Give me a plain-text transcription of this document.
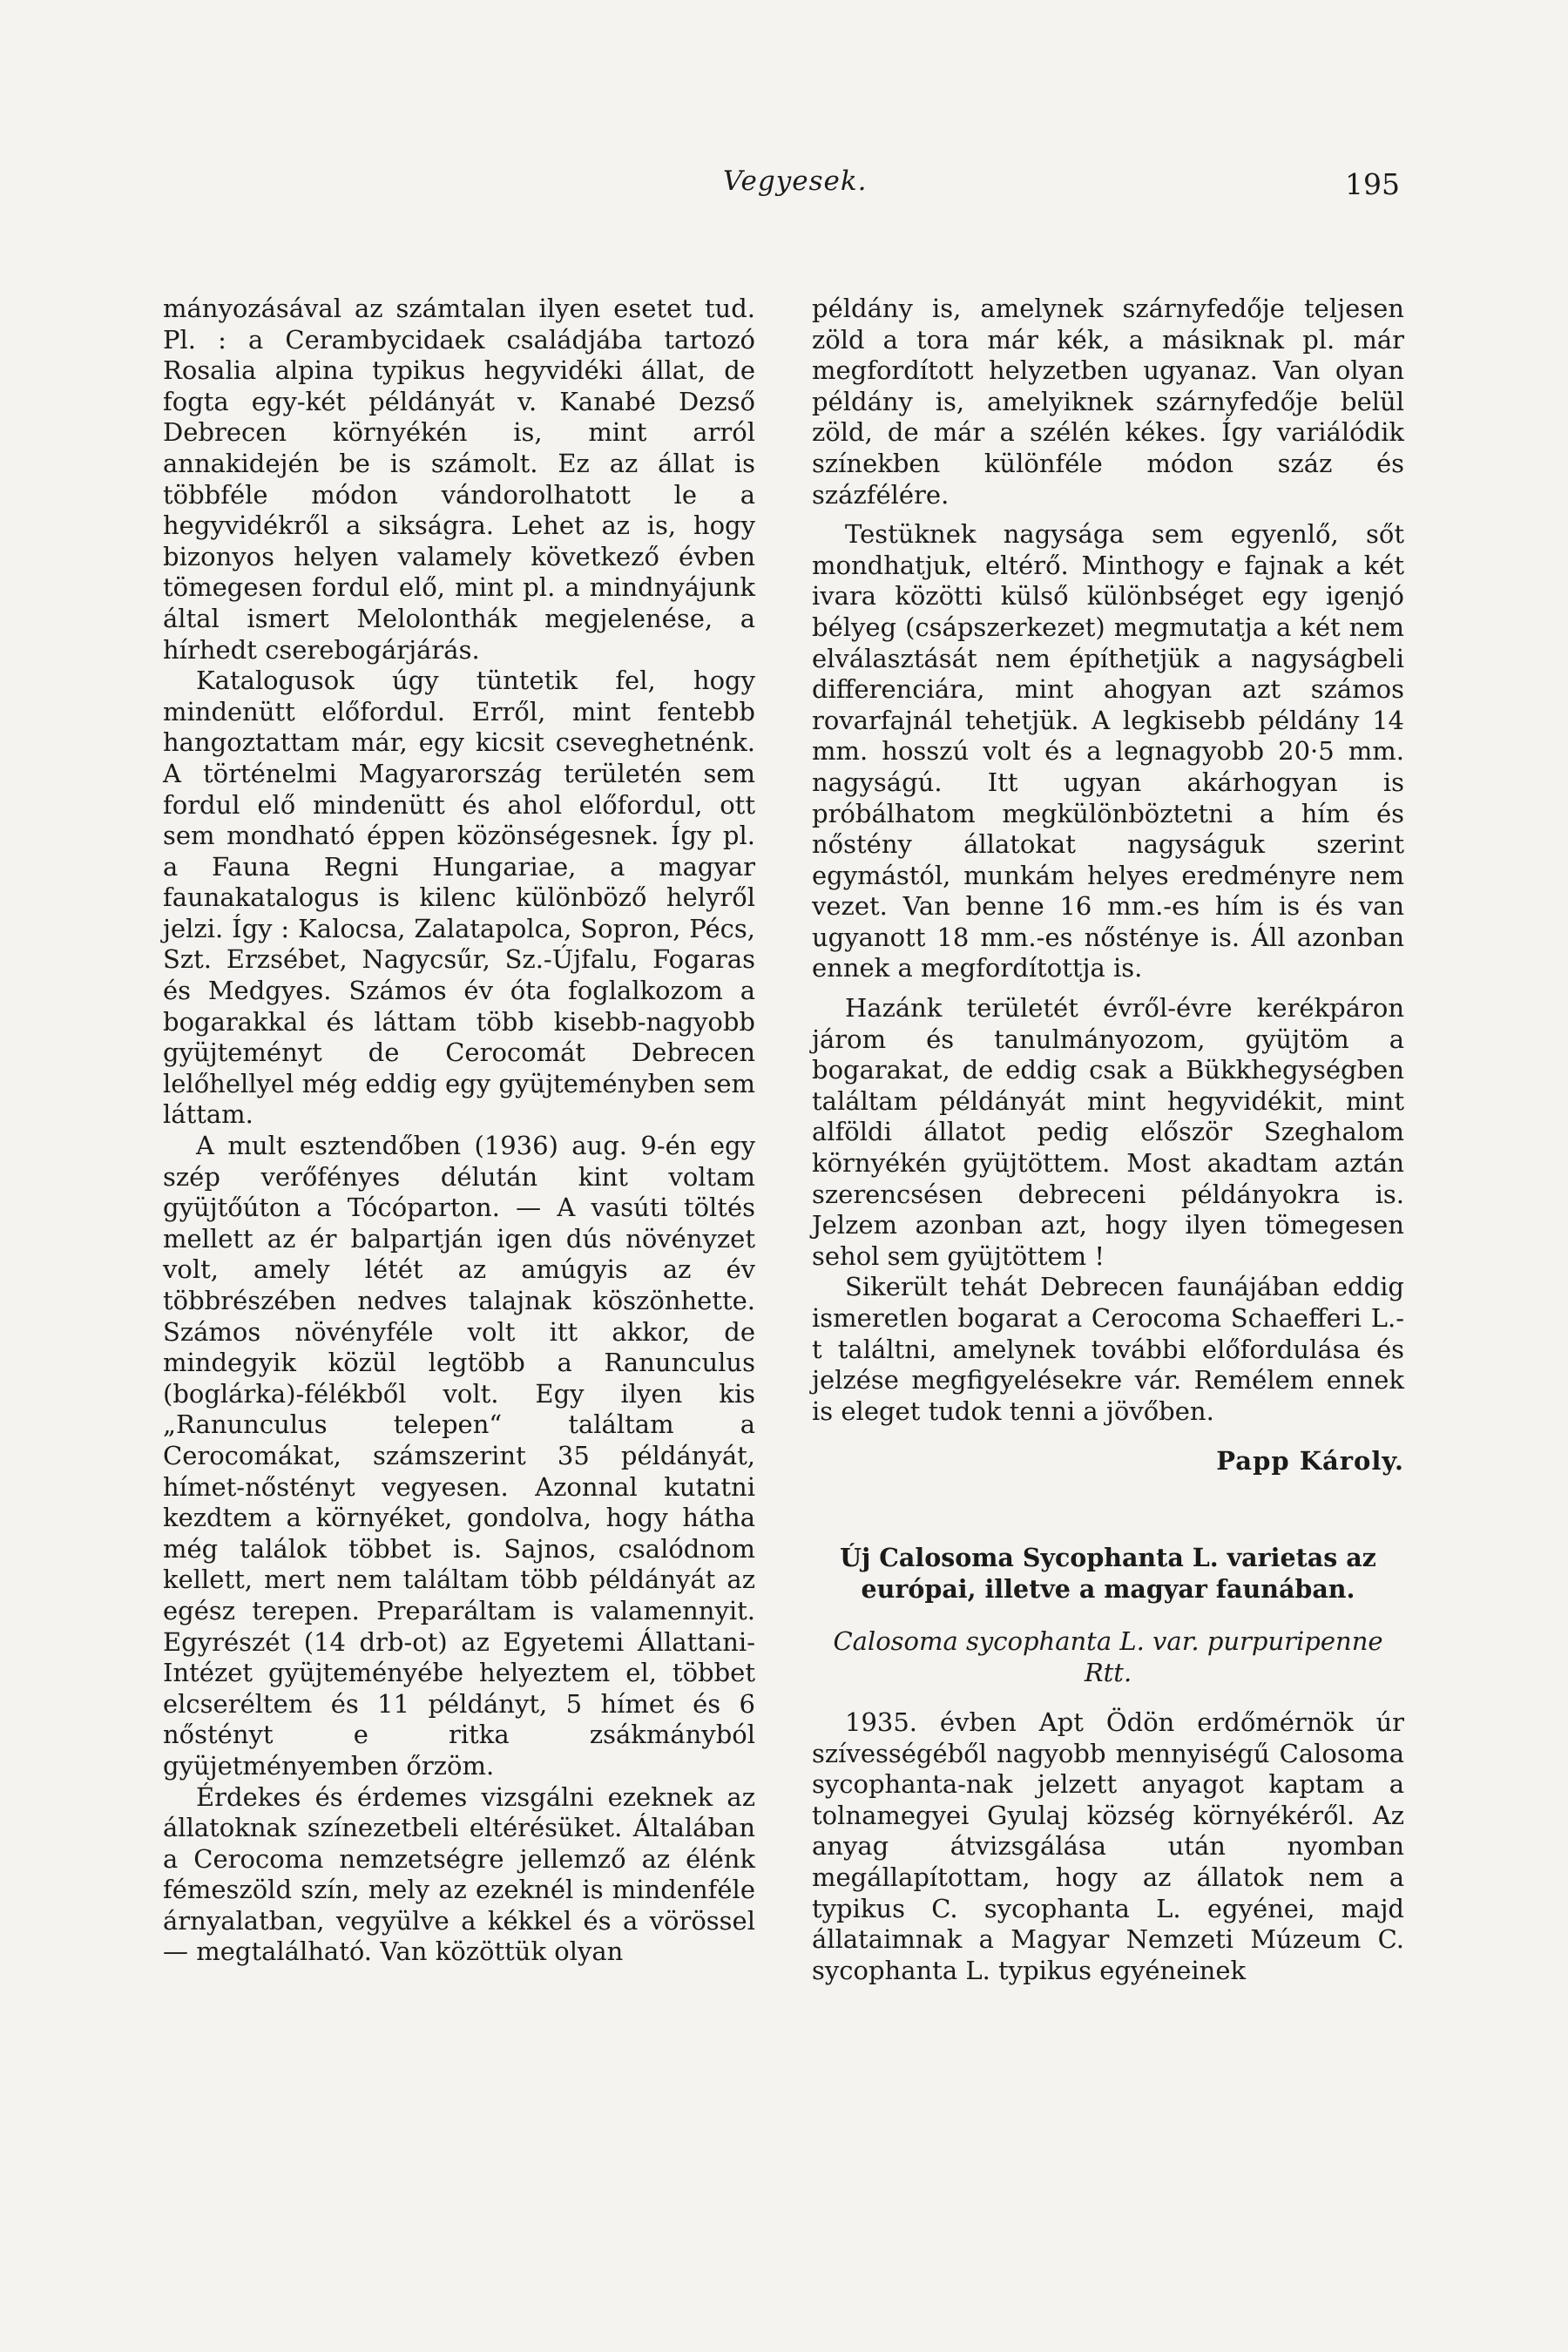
Vegyesek.	195

mányozásával az számtalan ilyen esetet tud. Pl. : a Cerambycidaek családjába tartozó Rosalia alpina typikus hegyvidéki állat, de fogta egy-két példányát v. Kanabé Dezső Debrecen környékén is, mint arról annakidején be is számolt. Ez az állat is többféle módon vándorolhatott le a hegyvidékről a sikságra. Lehet az is, hogy bizonyos helyen valamely következő évben tömegesen fordul elő, mint pl. a mindnyájunk által ismert Melolonthák megjelenése, a hírhedt cserebogárjárás.

Katalogusok úgy tüntetik fel, hogy mindenütt előfordul. Erről, mint fentebb hangoztattam már, egy kicsit cseveghetnénk. A történelmi Magyarország területén sem fordul elő mindenütt és ahol előfordul, ott sem mondható éppen közönségesnek. Így pl. a Fauna Regni Hungariae, a magyar faunakatalogus is kilenc különböző helyről jelzi. Így : Kalocsa, Zalatapolca, Sopron, Pécs, Szt. Erzsébet, Nagycsűr, Sz.-Újfalu, Fogaras és Medgyes. Számos év óta foglalkozom a bogarakkal és láttam több kisebb-nagyobb gyüjteményt de Cerocomát Debrecen lelőhellyel még eddig egy gyüjteményben sem láttam.

A mult esztendőben (1936) aug. 9-én egy szép verőfényes délután kint voltam gyüjtőúton a Tócóparton. — A vasúti töltés mellett az ér balpartján igen dús növényzet volt, amely létét az amúgyis az év többrészében nedves talajnak köszönhette. Számos növényféle volt itt akkor, de mindegyik közül legtöbb a Ranunculus (boglárka)-félékből volt. Egy ilyen kis „Ranunculus telepen“ találtam a Cerocomákat, számszerint 35 példányát, hímet-nőstényt vegyesen. Azonnal kutatni kezdtem a környéket, gondolva, hogy hátha még találok többet is. Sajnos, csalódnom kellett, mert nem találtam több példányát az egész terepen. Preparáltam is valamennyit. Egyrészét (14 drb-ot) az Egyetemi Állattani-Intézet gyüjteményébe helyeztem el, többet elcseréltem és 11 példányt, 5 hímet és 6 nőstényt e ritka zsákmányból gyüjetményemben őrzöm.

Érdekes és érdemes vizsgálni ezeknek az állatoknak színezetbeli eltérésüket. Általában a Cerocoma nemzetségre jellemző az élénk fémeszöld szín, mely az ezeknél is mindenféle árnyalatban, vegyülve a kékkel és a vörössel — megtalálható. Van közöttük olyan

példány is, amelynek szárnyfedője teljesen zöld a tora már kék, a másiknak pl. már megfordított helyzetben ugyanaz. Van olyan példány is, amelyiknek szárnyfedője belül zöld, de már a szélén kékes. Így variálódik színekben különféle módon száz és százfélére.

Testüknek nagysága sem egyenlő, sőt mondhatjuk, eltérő. Minthogy e fajnak a két ivara közötti külső különbséget egy igenjó bélyeg (csápszerkezet) megmutatja a két nem elválasztását nem építhetjük a nagyságbeli differenciára, mint ahogyan azt számos rovarfajnál tehetjük. A legkisebb példány 14 mm. hosszú volt és a legnagyobb 20·5 mm. nagyságú. Itt ugyan akárhogyan is próbálhatom megkülönböztetni a hím és nőstény állatokat nagyságuk szerint egymástól, munkám helyes eredményre nem vezet. Van benne 16 mm.-es hím is és van ugyanott 18 mm.-es nőstényе is. Áll azonban ennek a megfordítottja is.

Hazánk területét évről-évre kerékpáron járom és tanulmányozom, gyüjtöm a bogarakat, de eddig csak a Bükkhegységben találtam példányát mint hegyvidékit, mint alföldi állatot pedig először Szeghalom környékén gyüjtöttem. Most akadtam aztán szerencsésen debreceni példányokra is. Jelzem azonban azt, hogy ilyen tömegesen sehol sem gyüjtöttem !

Sikerült tehát Debrecen faunájában eddig ismeretlen bogarat a Cerocoma Schaefferi L.-t találtni, amelynek további előfordulása és jelzése megfigyelésekre vár. Remélem ennek is eleget tudok tenni a jövőben.

Papp Károly.

Új Calosoma Sycophanta L. varietas az európai, illetve a magyar faunában.

Calosoma sycophanta L. var. purpuripenne Rtt.

1935. évben Apt Ödön erdőmérnök úr szívességéből nagyobb mennyiségű Calosoma sycophanta-nak jelzett anyagot kaptam a tolnamegyei Gyulaj község környékéről. Az anyag átvizsgálása után nyomban megállapítottam, hogy az állatok nem a typikus C. sycophanta L. egyénei, majd állataimnak a Magyar Nemzeti Múzeum C. sycophanta L. typikus egyéneinek
